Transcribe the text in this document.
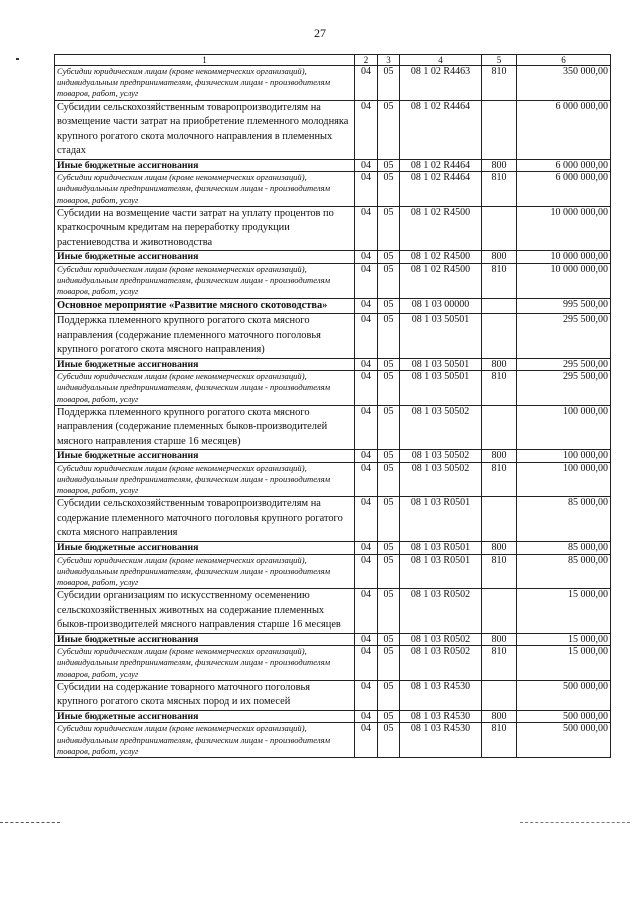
27
1	2	3	4	5	6
Субсидии юридическим лицам (кроме некоммерческих организаций), индивидуальным предпринимателям, физическим лицам - производителям товаров, работ, услуг	04	05	08 1 02 R4463	810	350 000,00
Субсидии сельскохозяйственным товаропроизводителям на возмещение части затрат на приобретение племенного молодняка крупного рогатого скота молочного направления в племенных стадах	04	05	08 1 02 R4464		6 000 000,00
Иные бюджетные ассигнования	04	05	08 1 02 R4464	800	6 000 000,00
Субсидии юридическим лицам (кроме некоммерческих организаций), индивидуальным предпринимателям, физическим лицам - производителям товаров, работ, услуг	04	05	08 1 02 R4464	810	6 000 000,00
Субсидии на возмещение части затрат на уплату процентов по краткосрочным кредитам на переработку продукции растениеводства и животноводства	04	05	08 1 02 R4500		10 000 000,00
Иные бюджетные ассигнования	04	05	08 1 02 R4500	800	10 000 000,00
Субсидии юридическим лицам (кроме некоммерческих организаций), индивидуальным предпринимателям, физическим лицам - производителям товаров, работ, услуг	04	05	08 1 02 R4500	810	10 000 000,00
Основное мероприятие «Развитие мясного скотоводства»	04	05	08 1 03 00000		995 500,00
Поддержка племенного крупного рогатого скота мясного направления (содержание племенного маточного поголовья крупного рогатого скота мясного направления)	04	05	08 1 03 50501		295 500,00
Иные бюджетные ассигнования	04	05	08 1 03 50501	800	295 500,00
Субсидии юридическим лицам (кроме некоммерческих организаций), индивидуальным предпринимателям, физическим лицам - производителям товаров, работ, услуг	04	05	08 1 03 50501	810	295 500,00
Поддержка племенного крупного рогатого скота мясного направления (содержание племенных быков-производителей мясного направления старше 16 месяцев)	04	05	08 1 03 50502		100 000,00
Иные бюджетные ассигнования	04	05	08 1 03 50502	800	100 000,00
Субсидии юридическим лицам (кроме некоммерческих организаций), индивидуальным предпринимателям, физическим лицам - производителям товаров, работ, услуг	04	05	08 1 03 50502	810	100 000,00
Субсидии сельскохозяйственным товаропроизводителям на содержание племенного маточного поголовья крупного рогатого скота мясного направления	04	05	08 1 03 R0501		85 000,00
Иные бюджетные ассигнования	04	05	08 1 03 R0501	800	85 000,00
Субсидии юридическим лицам (кроме некоммерческих организаций), индивидуальным предпринимателям, физическим лицам - производителям товаров, работ, услуг	04	05	08 1 03 R0501	810	85 000,00
Субсидии организациям по искусственному осеменению сельскохозяйственных животных на содержание племенных быков-производителей мясного направления старше 16 месяцев	04	05	08 1 03 R0502		15 000,00
Иные бюджетные ассигнования	04	05	08 1 03 R0502	800	15 000,00
Субсидии юридическим лицам (кроме некоммерческих организаций), индивидуальным предпринимателям, физическим лицам - производителям товаров, работ, услуг	04	05	08 1 03 R0502	810	15 000,00
Субсидии на содержание товарного маточного поголовья крупного рогатого скота мясных пород и их помесей	04	05	08 1 03 R4530		500 000,00
Иные бюджетные ассигнования	04	05	08 1 03 R4530	800	500 000,00
Субсидии юридическим лицам (кроме некоммерческих организаций), индивидуальным предпринимателям, физическим лицам - производителям товаров, работ, услуг	04	05	08 1 03 R4530	810	500 000,00
